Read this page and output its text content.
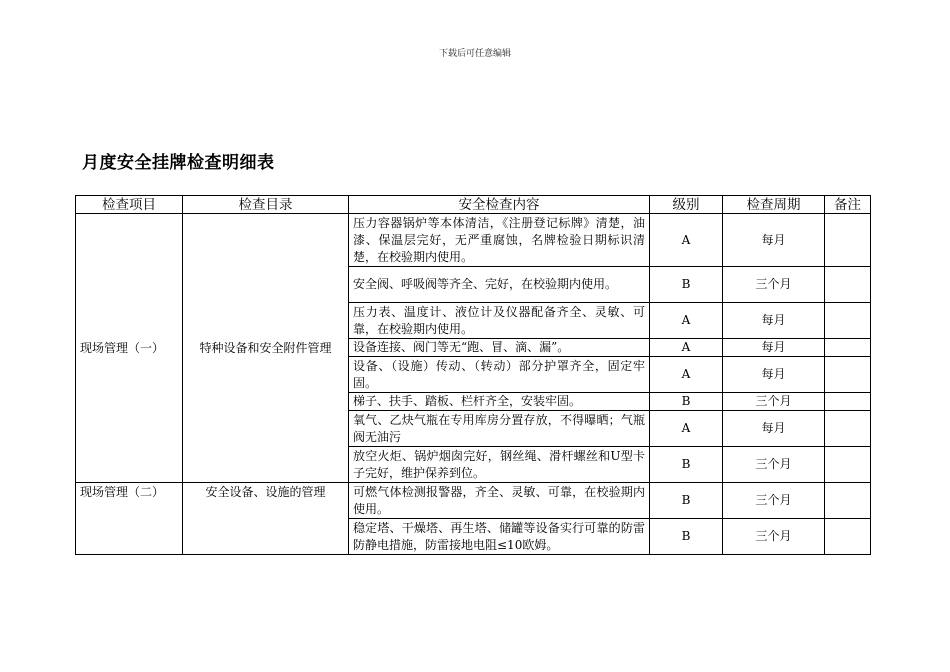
下载后可任意编辑
月度安全挂牌检查明细表
检查项目	检查目录	安全检查内容	级别	检查周期	备注
现场管理（一）	特种设备和安全附件管理	压力容器锅炉等本体清洁，《注册登记标牌》清楚，油漆、保温层完好，无严重腐蚀，名牌检验日期标识清楚，在校验期内使用。	A	每月	
		安全阀、呼吸阀等齐全、完好，在校验期内使用。	B	三个月	
		压力表、温度计、液位计及仪器配备齐全、灵敏、可靠，在校验期内使用。	A	每月	
		设备连接、阀门等无“跑、冒、滴、漏”。	A	每月	
		设备、（设施）传动、（转动）部分护罩齐全，固定牢固。	A	每月	
		梯子、扶手、踏板、栏杆齐全，安装牢固。	B	三个月	
		氧气、乙炔气瓶在专用库房分置存放，不得曝晒；气瓶阀无油污	A	每月	
		放空火炬、锅炉烟囱完好，钢丝绳、滑杆螺丝和U型卡子完好，维护保养到位。	B	三个月	
现场管理（二）	安全设备、设施的管理	可燃气体检测报警器，齐全、灵敏、可靠，在校验期内使用。	B	三个月	
		稳定塔、干燥塔、再生塔、储罐等设备实行可靠的防雷防静电措施，防雷接地电阻≤10欧姆。	B	三个月	
